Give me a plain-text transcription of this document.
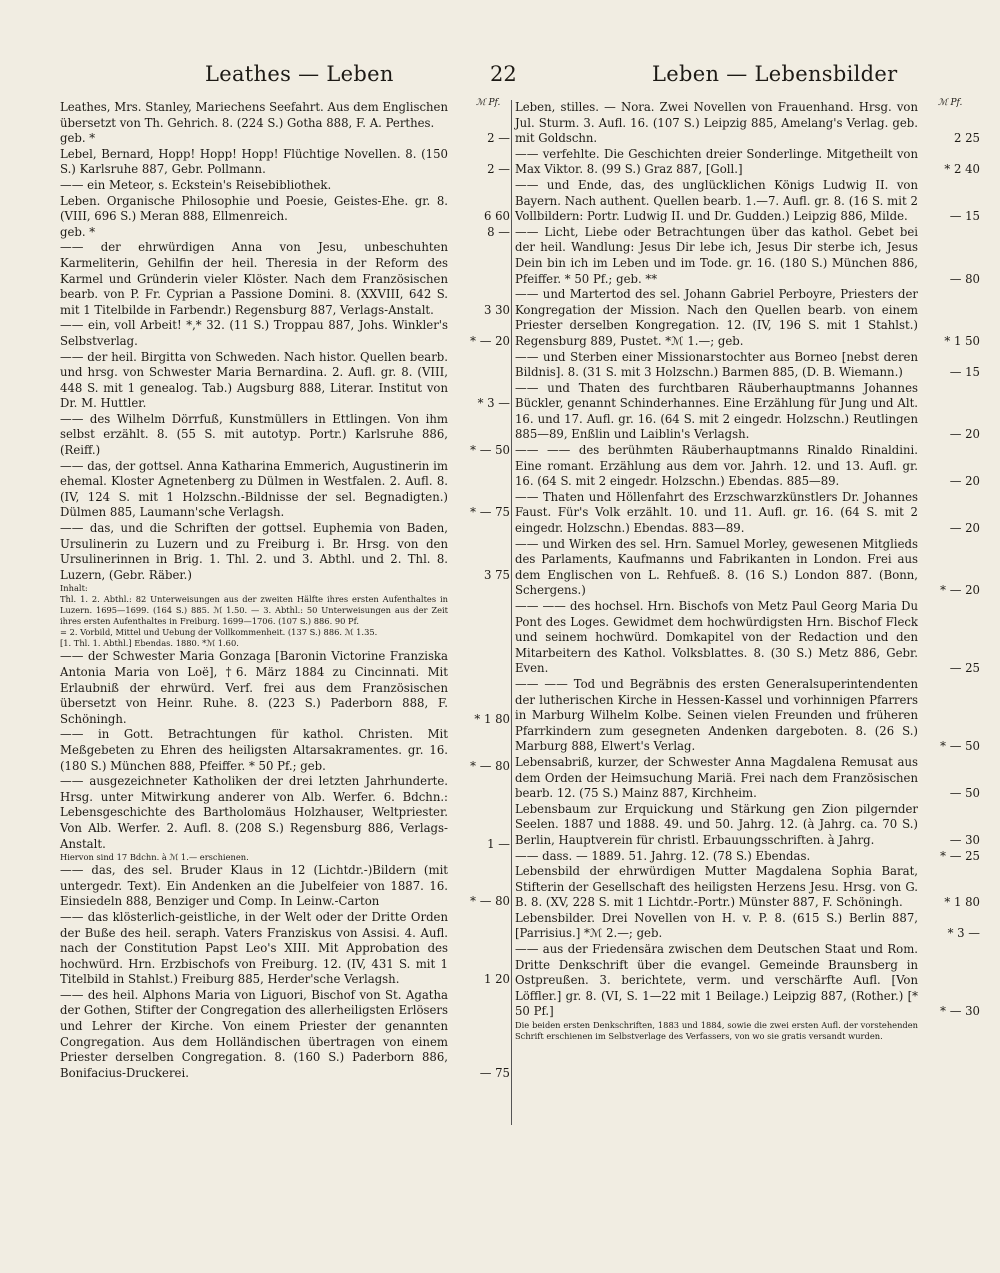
Leathes — Leben	22	Leben — Lebensbilder
ℳ Pf.
Leathes, Mrs. Stanley, Mariechens Seefahrt. Aus dem Englischen übersetzt von Th. Gehrich. 8. (224 S.) Gotha 888, F. A. Perthes.
geb. *	2 —
Lebel, Bernard, Hopp! Hopp! Hopp! Flüchtige Novellen. 8. (150 S.) Karlsruhe 887, Gebr. Pollmann.	2 —
—— ein Meteor, s. Eckstein's Reisebibliothek.
Leben. Organische Philosophie und Poesie, Geistes-Ehe. gr. 8. (VIII, 696 S.) Meran 888, Ellmenreich.	6 60
geb. *	8 —
—— der ehrwürdigen Anna von Jesu, unbeschuhten Karmeliterin, Gehilfin der heil. Theresia in der Reform des Karmel und Gründerin vieler Klöster. Nach dem Französischen bearb. von P. Fr. Cyprian a Passione Domini. 8. (XXVIII, 642 S. mit 1 Titelbilde in Farbendr.) Regensburg 887, Verlags-Anstalt.	3 30
—— ein, voll Arbeit! *,* 32. (11 S.) Troppau 887, Johs. Winkler's Selbstverlag.	* — 20
—— der heil. Birgitta von Schweden. Nach histor. Quellen bearb. und hrsg. von Schwester Maria Bernardina. 2. Aufl. gr. 8. (VIII, 448 S. mit 1 genealog. Tab.) Augsburg 888, Literar. Institut von Dr. M. Huttler.	* 3 —
—— des Wilhelm Dörrfuß, Kunstmüllers in Ettlingen. Von ihm selbst erzählt. 8. (55 S. mit autotyp. Portr.) Karlsruhe 886, (Reiff.)	* — 50
—— das, der gottsel. Anna Katharina Emmerich, Augustinerin im ehemal. Kloster Agnetenberg zu Dülmen in Westfalen. 2. Aufl. 8. (IV, 124 S. mit 1 Holzschn.-Bildnisse der sel. Begnadigten.) Dülmen 885, Laumann'sche Verlagsh.	* — 75
—— das, und die Schriften der gottsel. Euphemia von Baden, Ursulinerin zu Luzern und zu Freiburg i. Br. Hrsg. von den Ursulinerinnen in Brig. 1. Thl. 2. und 3. Abthl. und 2. Thl. 8. Luzern, (Gebr. Räber.)	3 75
Inhalt:
Thl. 1. 2. Abthl.: 82 Unterweisungen aus der zweiten Hälfte ihres ersten Aufenthaltes in Luzern. 1695—1699. (164 S.) 885. ℳ 1.50. — 3. Abthl.: 50 Unterweisungen aus der Zeit ihres ersten Aufenthaltes in Freiburg. 1699—1706. (107 S.) 886. 90 Pf.
= 2. Vorbild, Mittel und Uebung der Vollkommenheit. (137 S.) 886. ℳ 1.35.
[1. Thl. 1. Abthl.] Ebendas. 1880. *ℳ 1.60.
—— der Schwester Maria Gonzaga [Baronin Victorine Franziska Antonia Maria von Loë], †6. März 1884 zu Cincinnati. Mit Erlaubniß der ehrwürd. Verf. frei aus dem Französischen übersetzt von Heinr. Ruhe. 8. (223 S.) Paderborn 888, F. Schöningh.	* 1 80
—— in Gott. Betrachtungen für kathol. Christen. Mit Meßgebeten zu Ehren des heiligsten Altarsakramentes. gr. 16. (180 S.) München 888, Pfeiffer. * 50 Pf.; geb.	* — 80
—— ausgezeichneter Katholiken der drei letzten Jahrhunderte. Hrsg. unter Mitwirkung anderer von Alb. Werfer. 6. Bdchn.: Lebensgeschichte des Bartholomäus Holzhauser, Weltpriester. Von Alb. Werfer. 2. Aufl. 8. (208 S.) Regensburg 886, Verlags-Anstalt.	1 —
Hiervon sind 17 Bdchn. à ℳ 1.— erschienen.
—— das, des sel. Bruder Klaus in 12 (Lichtdr.-)Bildern (mit untergedr. Text). Ein Andenken an die Jubelfeier von 1887. 16. Einsiedeln 888, Benziger und Comp. In Leinw.-Carton	* — 80
—— das klösterlich-geistliche, in der Welt oder der Dritte Orden der Buße des heil. seraph. Vaters Franziskus von Assisi. 4. Aufl. nach der Constitution Papst Leo's XIII. Mit Approbation des hochwürd. Hrn. Erzbischofs von Freiburg. 12. (IV, 431 S. mit 1 Titelbild in Stahlst.) Freiburg 885, Herder'sche Verlagsh.	1 20
—— des heil. Alphons Maria von Liguori, Bischof von St. Agatha der Gothen, Stifter der Congregation des allerheiligsten Erlösers und Lehrer der Kirche. Von einem Priester der genannten Congregation. Aus dem Holländischen übertragen von einem Priester derselben Congregation. 8. (160 S.) Paderborn 886, Bonifacius-Druckerei.	— 75
ℳ Pf.
Leben, stilles. — Nora. Zwei Novellen von Frauenhand. Hrsg. von Jul. Sturm. 3. Aufl. 16. (107 S.) Leipzig 885, Amelang's Verlag. geb. mit Goldschn.	2 25
—— verfehlte. Die Geschichten dreier Sonderlinge. Mitgetheilt von Max Viktor. 8. (99 S.) Graz 887, [Goll.]	* 2 40
—— und Ende, das, des unglücklichen Königs Ludwig II. von Bayern. Nach authent. Quellen bearb. 1.—7. Aufl. gr. 8. (16 S. mit 2 Vollbildern: Portr. Ludwig II. und Dr. Gudden.) Leipzig 886, Milde.	— 15
—— Licht, Liebe oder Betrachtungen über das kathol. Gebet bei der heil. Wandlung: Jesus Dir lebe ich, Jesus Dir sterbe ich, Jesus Dein bin ich im Leben und im Tode. gr. 16. (180 S.) München 886, Pfeiffer. * 50 Pf.; geb. **	— 80
—— und Martertod des sel. Johann Gabriel Perboyre, Priesters der Kongregation der Mission. Nach den Quellen bearb. von einem Priester derselben Kongregation. 12. (IV, 196 S. mit 1 Stahlst.) Regensburg 889, Pustet. *ℳ 1.—; geb.	* 1 50
—— und Sterben einer Missionarstochter aus Borneo [nebst deren Bildnis]. 8. (31 S. mit 3 Holzschn.) Barmen 885, (D. B. Wiemann.)	— 15
—— und Thaten des furchtbaren Räuberhauptmanns Johannes Bückler, genannt Schinderhannes. Eine Erzählung für Jung und Alt. 16. und 17. Aufl. gr. 16. (64 S. mit 2 eingedr. Holzschn.) Reutlingen 885—89, Enßlin und Laiblin's Verlagsh.	— 20
—— —— des berühmten Räuberhauptmanns Rinaldo Rinaldini. Eine romant. Erzählung aus dem vor. Jahrh. 12. und 13. Aufl. gr. 16. (64 S. mit 2 eingedr. Holzschn.) Ebendas. 885—89.	— 20
—— Thaten und Höllenfahrt des Erzschwarzkünstlers Dr. Johannes Faust. Für's Volk erzählt. 10. und 11. Aufl. gr. 16. (64 S. mit 2 eingedr. Holzschn.) Ebendas. 883—89.	— 20
—— und Wirken des sel. Hrn. Samuel Morley, gewesenen Mitglieds des Parlaments, Kaufmanns und Fabrikanten in London. Frei aus dem Englischen von L. Rehfueß. 8. (16 S.) London 887. (Bonn, Schergens.)	* — 20
—— —— des hochsel. Hrn. Bischofs von Metz Paul Georg Maria Du Pont des Loges. Gewidmet dem hochwürdigsten Hrn. Bischof Fleck und seinem hochwürd. Domkapitel von der Redaction und den Mitarbeitern des Kathol. Volksblattes. 8. (30 S.) Metz 886, Gebr. Even.	— 25
—— —— Tod und Begräbnis des ersten Generalsuperintendenten der lutherischen Kirche in Hessen-Kassel und vorhinnigen Pfarrers in Marburg Wilhelm Kolbe. Seinen vielen Freunden und früheren Pfarrkindern zum gesegneten Andenken dargeboten. 8. (26 S.) Marburg 888, Elwert's Verlag.	* — 50
Lebensabriß, kurzer, der Schwester Anna Magdalena Remusat aus dem Orden der Heimsuchung Mariä. Frei nach dem Französischen bearb. 12. (75 S.) Mainz 887, Kirchheim.	— 50
Lebensbaum zur Erquickung und Stärkung gen Zion pilgernder Seelen. 1887 und 1888. 49. und 50. Jahrg. 12. (à Jahrg. ca. 70 S.) Berlin, Hauptverein für christl. Erbauungsschriften. à Jahrg.	— 30
—— dass. — 1889. 51. Jahrg. 12. (78 S.) Ebendas.	* — 25
Lebensbild der ehrwürdigen Mutter Magdalena Sophia Barat, Stifterin der Gesellschaft des heiligsten Herzens Jesu. Hrsg. von G. B. 8. (XV, 228 S. mit 1 Lichtdr.-Portr.) Münster 887, F. Schöningh.	* 1 80
Lebensbilder. Drei Novellen von H. v. P. 8. (615 S.) Berlin 887, [Parrisius.] *ℳ 2.—; geb.	* 3 —
—— aus der Friedensära zwischen dem Deutschen Staat und Rom. Dritte Denkschrift über die evangel. Gemeinde Braunsberg in Ostpreußen. 3. berichtete, verm. und verschärfte Aufl. [Von Löffler.] gr. 8. (VI, S. 1—22 mit 1 Beilage.) Leipzig 887, (Rother.) [* 50 Pf.]	* — 30
Die beiden ersten Denkschriften, 1883 und 1884, sowie die zwei ersten Aufl. der vorstehenden Schrift erschienen im Selbstverlage des Verfassers, von wo sie gratis versandt wurden.
